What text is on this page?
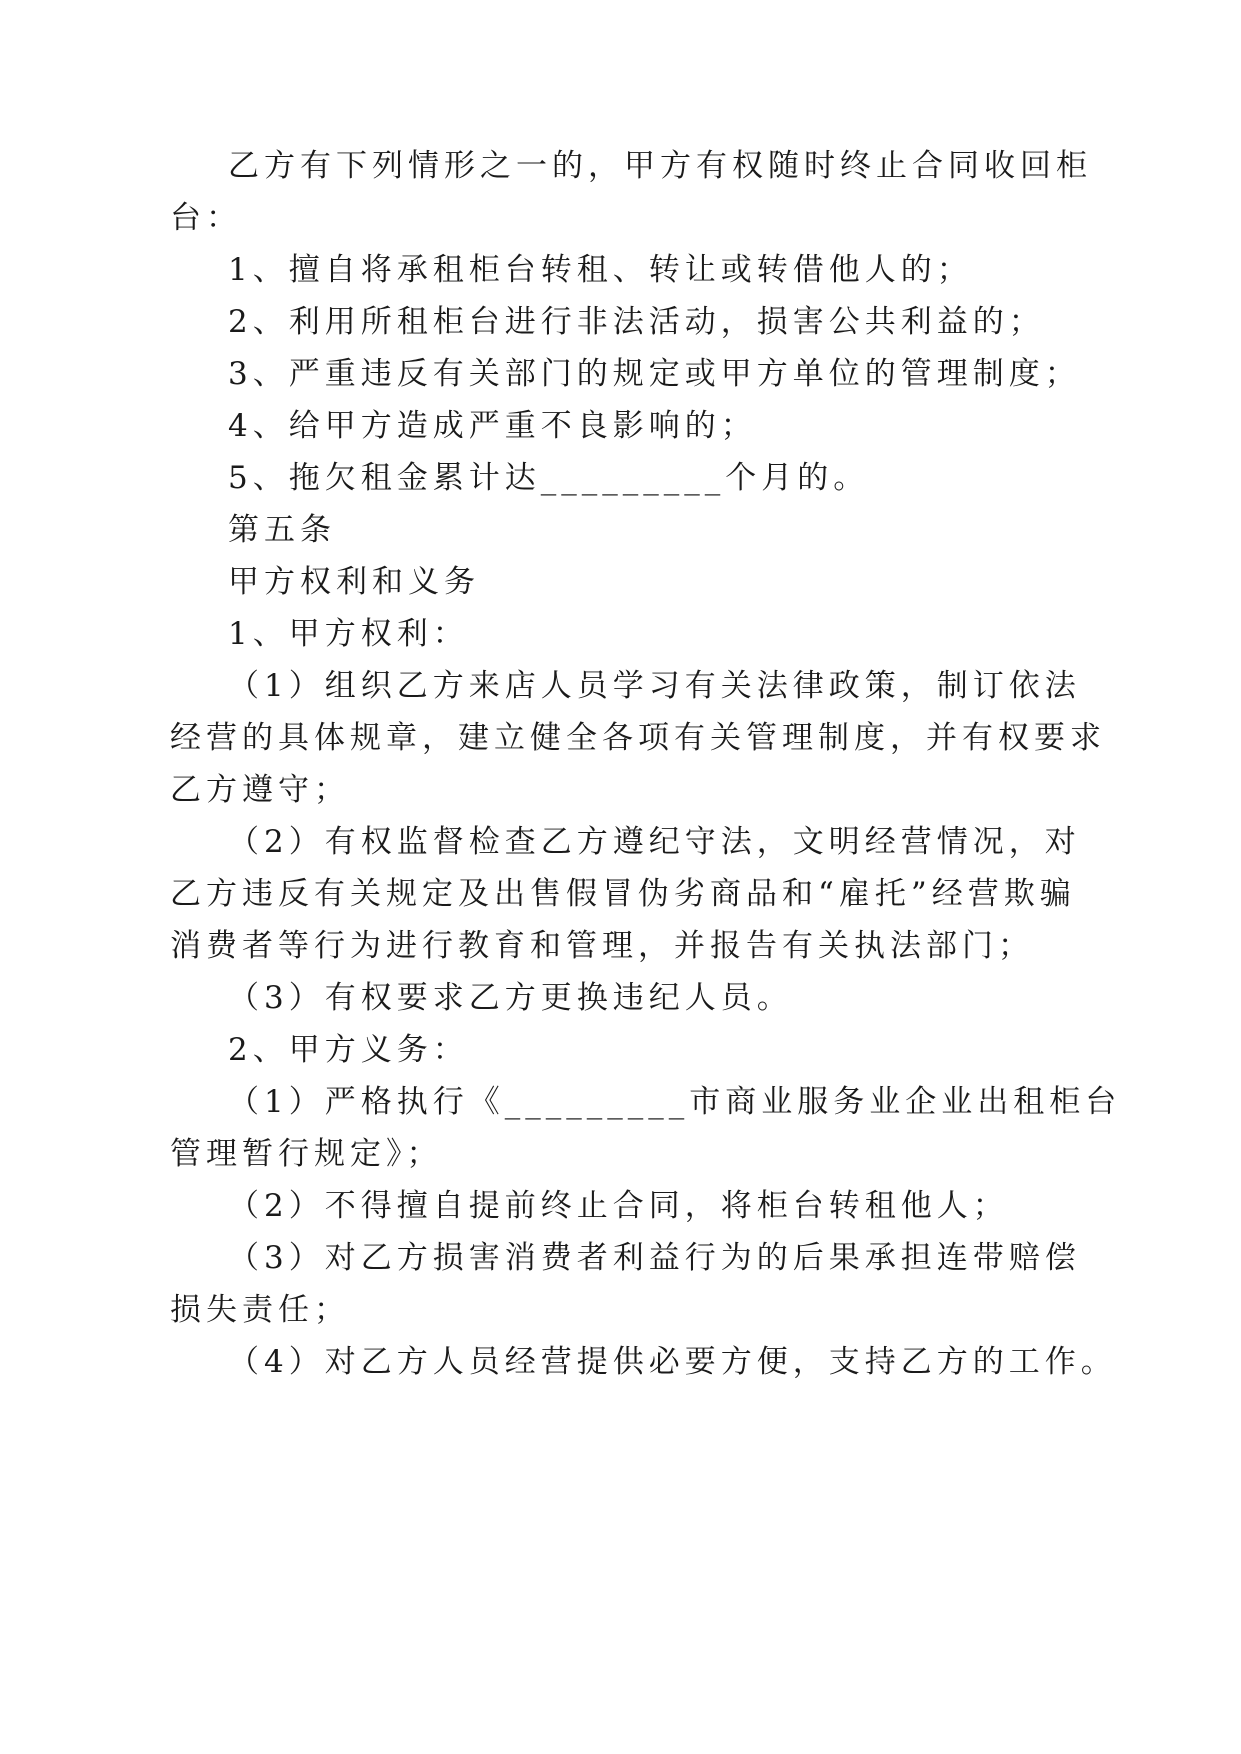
乙方有下列情形之一的，甲方有权随时终止合同收回柜
台：
1、擅自将承租柜台转租、转让或转借他人的；
2、利用所租柜台进行非法活动，损害公共利益的；
3、严重违反有关部门的规定或甲方单位的管理制度；
4、给甲方造成严重不良影响的；
5、拖欠租金累计达_________个月的。
第五条
甲方权利和义务
1、甲方权利：
（1）组织乙方来店人员学习有关法律政策，制订依法
经营的具体规章，建立健全各项有关管理制度，并有权要求
乙方遵守；
（2）有权监督检查乙方遵纪守法，文明经营情况，对
乙方违反有关规定及出售假冒伪劣商品和“雇托”经营欺骗
消费者等行为进行教育和管理，并报告有关执法部门；
（3）有权要求乙方更换违纪人员。
2、甲方义务：
（1）严格执行《_________市商业服务业企业出租柜台
管理暂行规定》；
（2）不得擅自提前终止合同，将柜台转租他人；
（3）对乙方损害消费者利益行为的后果承担连带赔偿
损失责任；
（4）对乙方人员经营提供必要方便，支持乙方的工作。
